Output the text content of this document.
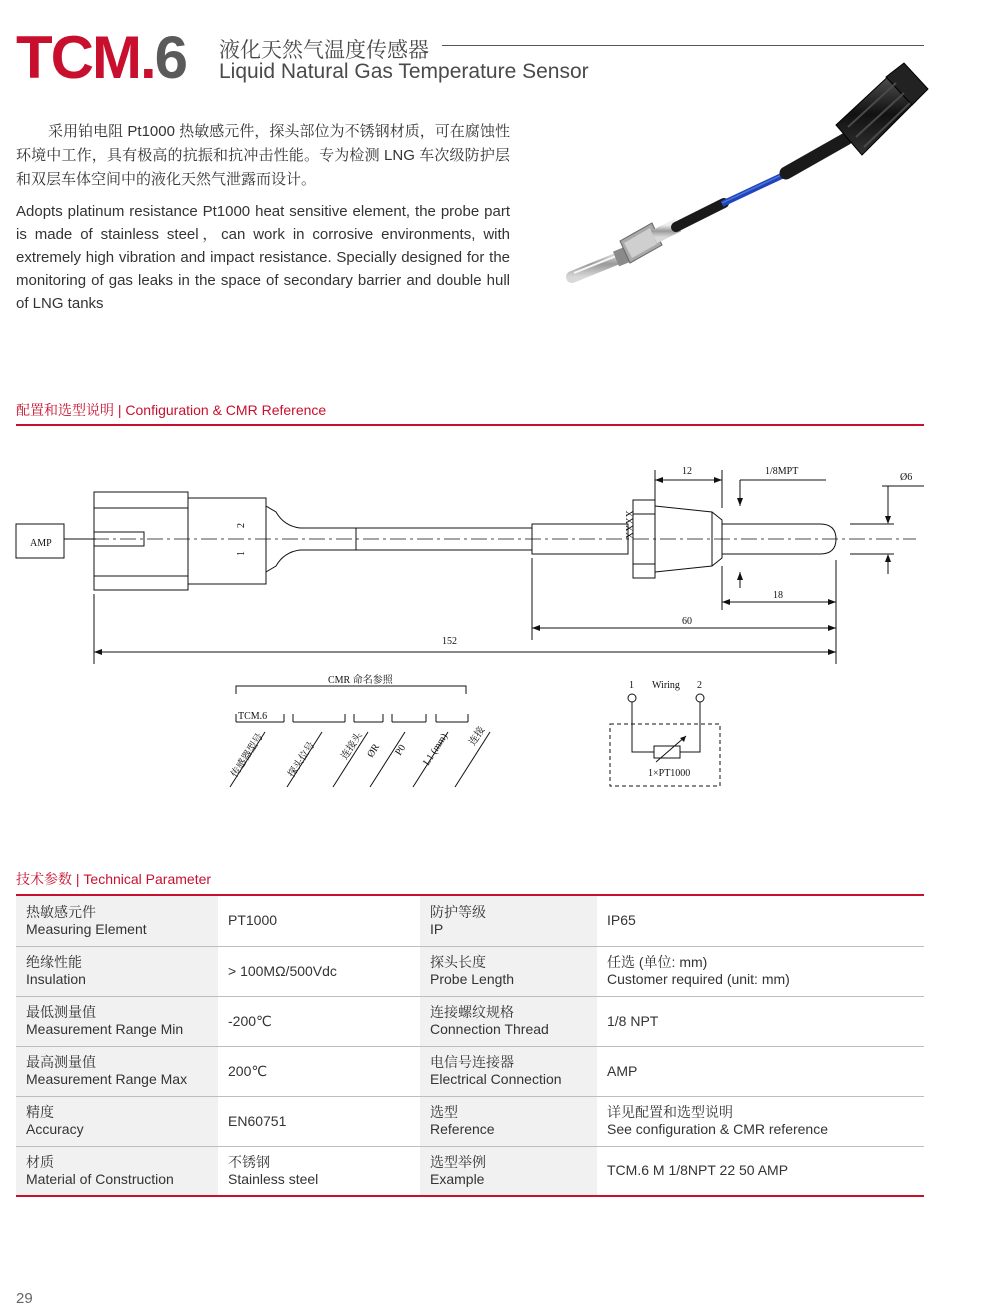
TCM.6 液化天然气温度传感器
Liquid Natural Gas Temperature Sensor

采用铂电阻 Pt1000 热敏感元件，探头部位为不锈钢材质，可在腐蚀性环境中工作，具有极高的抗振和抗冲击性能。专为检测 LNG 车次级防护层和双层车体空间中的液化天然气泄露而设计。

Adopts platinum resistance Pt1000 heat sensitive element, the probe part is made of stainless steel，can work in corrosive environments, with extremely high vibration and impact resistance. Specially designed for the monitoring of gas leaks in the space of secondary barrier and double hull of LNG tanks

配置和选型说明 | Configuration & CMR Reference
AMP
2
1
12	1/8MPT
Ø6
18
60
152
XXXX
CMR 命名参照
TCM.6
传感器型号 探头位号 连接头 ØR P0 L1 (mm) 连接
1 Wiring 2
1×PT1000
技术参数 | Technical Parameter
热敏感元件
Measuring Element	PT1000	防护等级
IP	IP65

绝缘性能
Insulation	> 100MΩ/500Vdc	探头长度
Probe Length	任选 (单位: mm)
Customer required (unit: mm)

最低测量值
Measurement Range Min	-200℃	连接螺纹规格
Connection Thread	1/8 NPT

最高测量值
Measurement Range Max	200℃	电信号连接器
Electrical Connection	AMP

精度
Accuracy	EN60751	选型
Reference	详见配置和选型说明
See configuration & CMR reference

材质
Material of Construction	不锈钢
Stainless steel	选型举例
Example	TCM.6 M 1/8NPT 22 50 AMP
29
